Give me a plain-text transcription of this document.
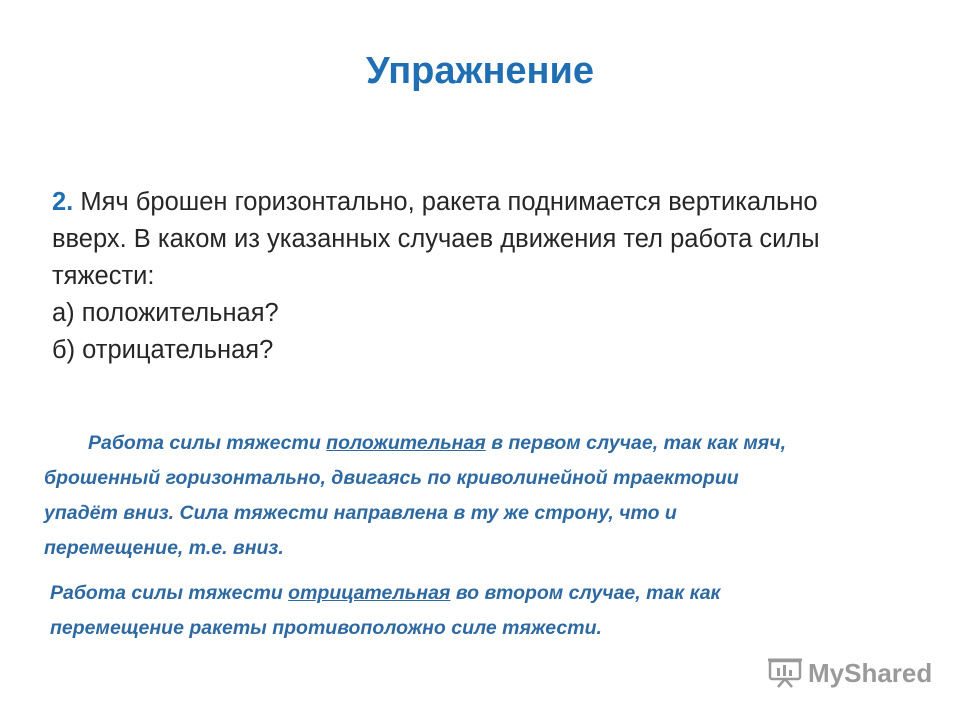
Упражнение
2. Мяч брошен горизонтально, ракета поднимается вертикально
вверх. В каком из указанных случаев движения тел работа силы
тяжести:
а) положительная?
б) отрицательная?
Работа силы тяжести положительная в первом случае, так как мяч,
брошенный горизонтально, двигаясь по криволинейной траектории
упадёт вниз. Сила тяжести направлена в ту же строну, что и
перемещение, т.е. вниз.
Работа силы тяжести отрицательная во втором случае, так как
перемещение ракеты противоположно силе тяжести.
MyShared
